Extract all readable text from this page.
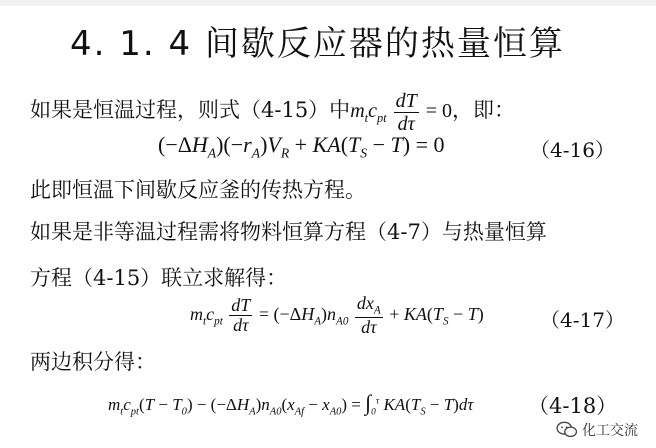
4. 1. 4 间歇反应器的热量恒算
如果是恒温过程，则式（4-15）中$m_tc_{pt} \frac{dT}{d\tau} = 0$，即：
$(-\Delta H_A)(-r_A)V_R + KA(T_S - T) = 0$	（4-16）
此即恒温下间歇反应釜的传热方程。
如果是非等温过程需将物料恒算方程（4-7）与热量恒算
方程（4-15）联立求解得：
$m_tc_{pt} \frac{dT}{d\tau} = (-\Delta H_A)n_{A0} \frac{dx_A}{d\tau} + KA(T_S - T)$	（4-17）
两边积分得：
$m_tc_{pt}(T - T_0) - (-\Delta H_A)n_{A0}(x_{Af} - x_{A0}) = \int_0^\tau$ $KA(T_S - T)d\tau$	（4-18）
化工交流
